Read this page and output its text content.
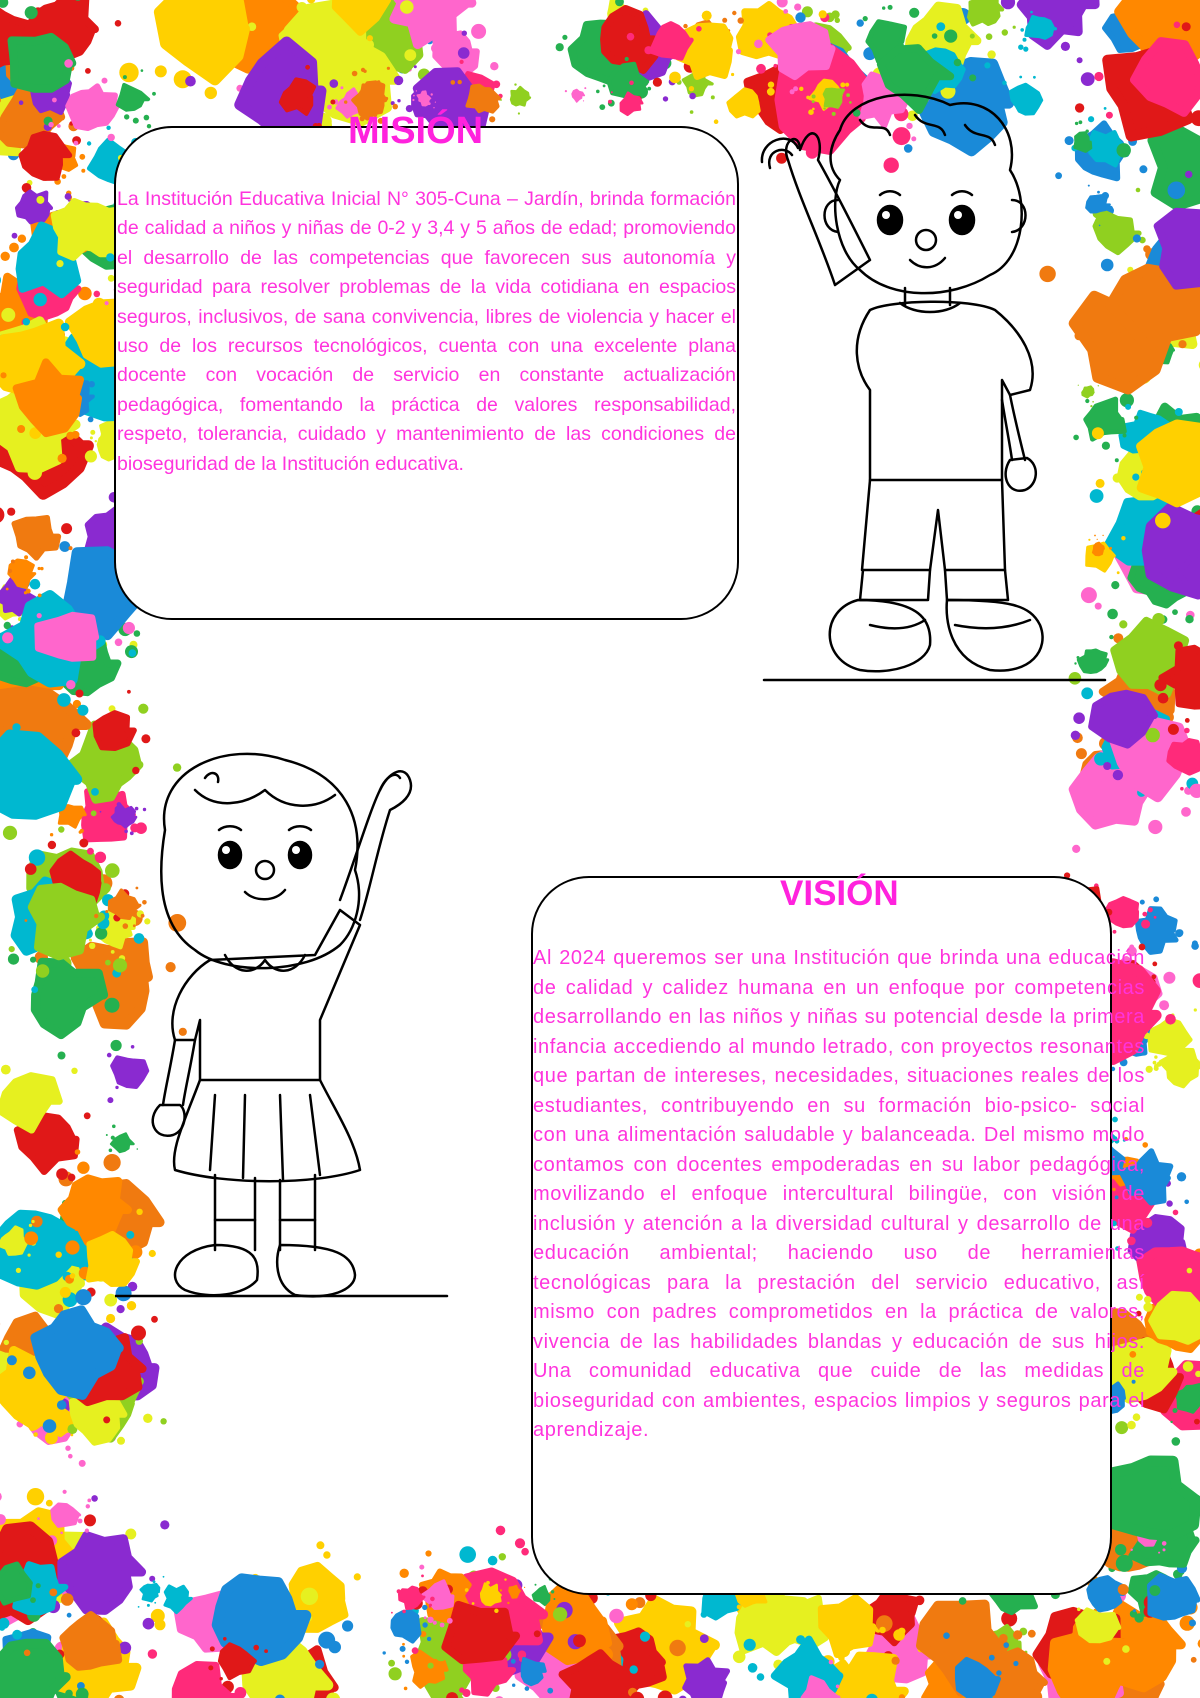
MISIÓN

La Institución Educativa Inicial N° 305-Cuna – Jardín, brinda formación de calidad a niños y niñas de 0-2 y 3,4 y 5 años de edad; promoviendo el desarrollo de las competencias que favorecen sus autonomía y seguridad para resolver problemas de la vida cotidiana en espacios seguros, inclusivos, de sana convivencia, libres de violencia y hacer el uso de los recursos tecnológicos, cuenta con una excelente plana docente con vocación de servicio en constante actualización pedagógica, fomentando la práctica de valores responsabilidad, respeto, tolerancia, cuidado y mantenimiento de las condiciones de bioseguridad de la Institución educativa.

VISIÓN

Al 2024 queremos ser una Institución que brinda una educación de calidad y calidez humana en un enfoque por competencias desarrollando en las niños y niñas su potencial desde la primera infancia accediendo al mundo letrado, con proyectos resonantes que partan de intereses, necesidades, situaciones reales de los estudiantes, contribuyendo en su formación bio-psico- social con una alimentación saludable y balanceada. Del mismo modo contamos con docentes empoderadas en su labor pedagógica, movilizando el enfoque intercultural bilingüe, con visión de inclusión y atención a la diversidad cultural y desarrollo de una educación ambiental; haciendo uso de herramientas tecnológicas para la prestación del servicio educativo, así mismo con padres comprometidos en la práctica de valores, vivencia de las habilidades blandas y educación de sus hijos. Una comunidad educativa que cuide de las medidas de bioseguridad con ambientes, espacios limpios y seguros para el aprendizaje.
